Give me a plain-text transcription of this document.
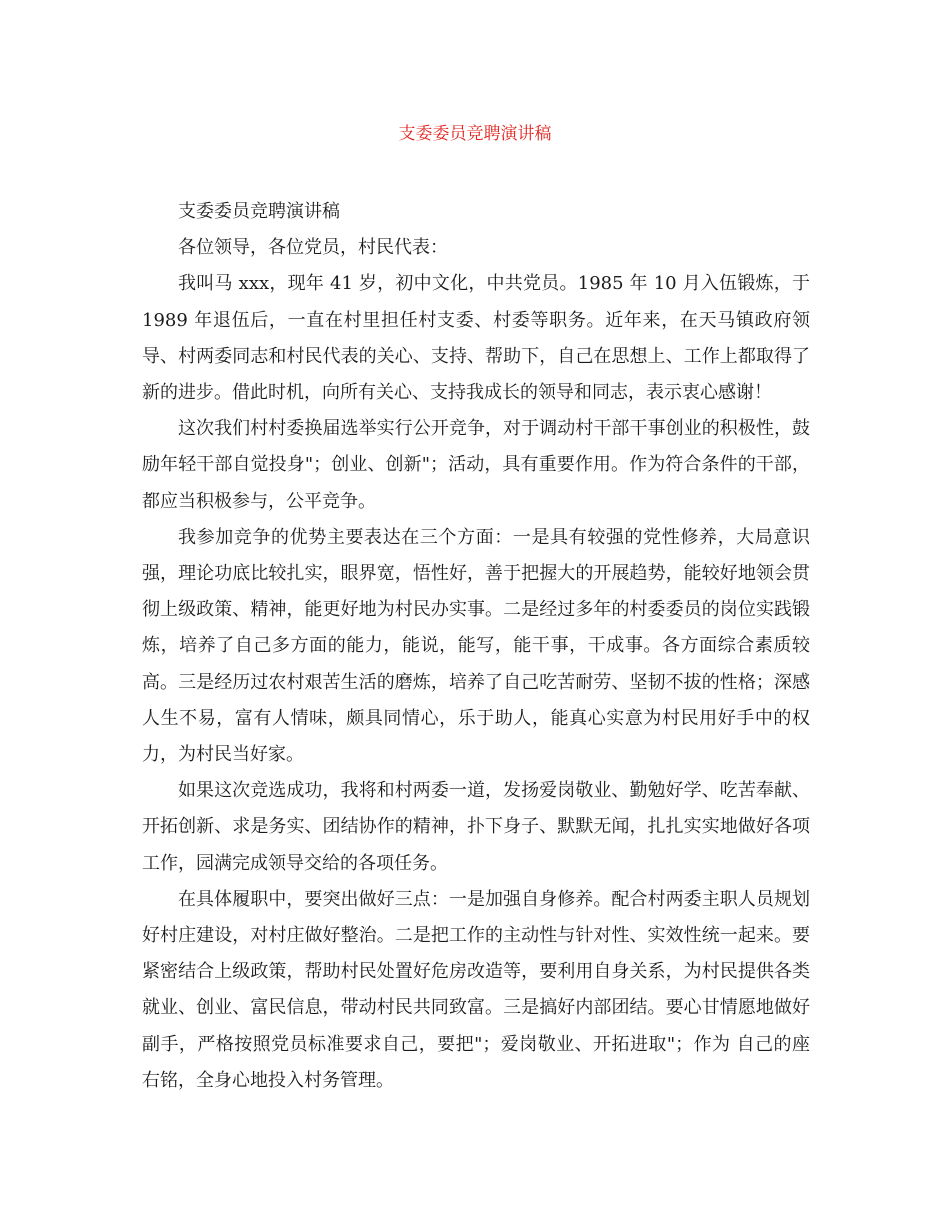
支委委员竞聘演讲稿

支委委员竞聘演讲稿

各位领导，各位党员，村民代表：

我叫马 xxx，现年 41 岁，初中文化，中共党员。1985 年 10 月入伍锻炼，于 1989 年退伍后，一直在村里担任村支委、村委等职务。近年来，在天马镇政府领导、村两委同志和村民代表的关心、支持、帮助下，自己在思想上、工作上都取得了新的进步。借此时机，向所有关心、支持我成长的领导和同志，表示衷心感谢！

这次我们村村委换届选举实行公开竞争，对于调动村干部干事创业的积极性，鼓励年轻干部自觉投身"；创业、创新"；活动，具有重要作用。作为符合条件的干部，都应当积极参与，公平竞争。

我参加竞争的优势主要表达在三个方面：一是具有较强的党性修养，大局意识强，理论功底比较扎实，眼界宽，悟性好，善于把握大的开展趋势，能较好地领会贯彻上级政策、精神，能更好地为村民办实事。二是经过多年的村委委员的岗位实践锻炼，培养了自己多方面的能力，能说，能写，能干事，干成事。各方面综合素质较高。三是经历过农村艰苦生活的磨炼，培养了自己吃苦耐劳、坚韧不拔的性格；深感人生不易，富有人情味，颇具同情心，乐于助人，能真心实意为村民用好手中的权力，为村民当好家。

如果这次竞选成功，我将和村两委一道，发扬爱岗敬业、勤勉好学、吃苦奉献、开拓创新、求是务实、团结协作的精神，扑下身子、默默无闻，扎扎实实地做好各项工作，园满完成领导交给的各项任务。

在具体履职中，要突出做好三点：一是加强自身修养。配合村两委主职人员规划好村庄建设，对村庄做好整治。二是把工作的主动性与针对性、实效性统一起来。要紧密结合上级政策，帮助村民处置好危房改造等，要利用自身关系，为村民提供各类就业、创业、富民信息，带动村民共同致富。三是搞好内部团结。要心甘情愿地做好副手，严格按照党员标准要求自己，要把"；爱岗敬业、开拓进取"；作为 自己的座右铭，全身心地投入村务管理。
